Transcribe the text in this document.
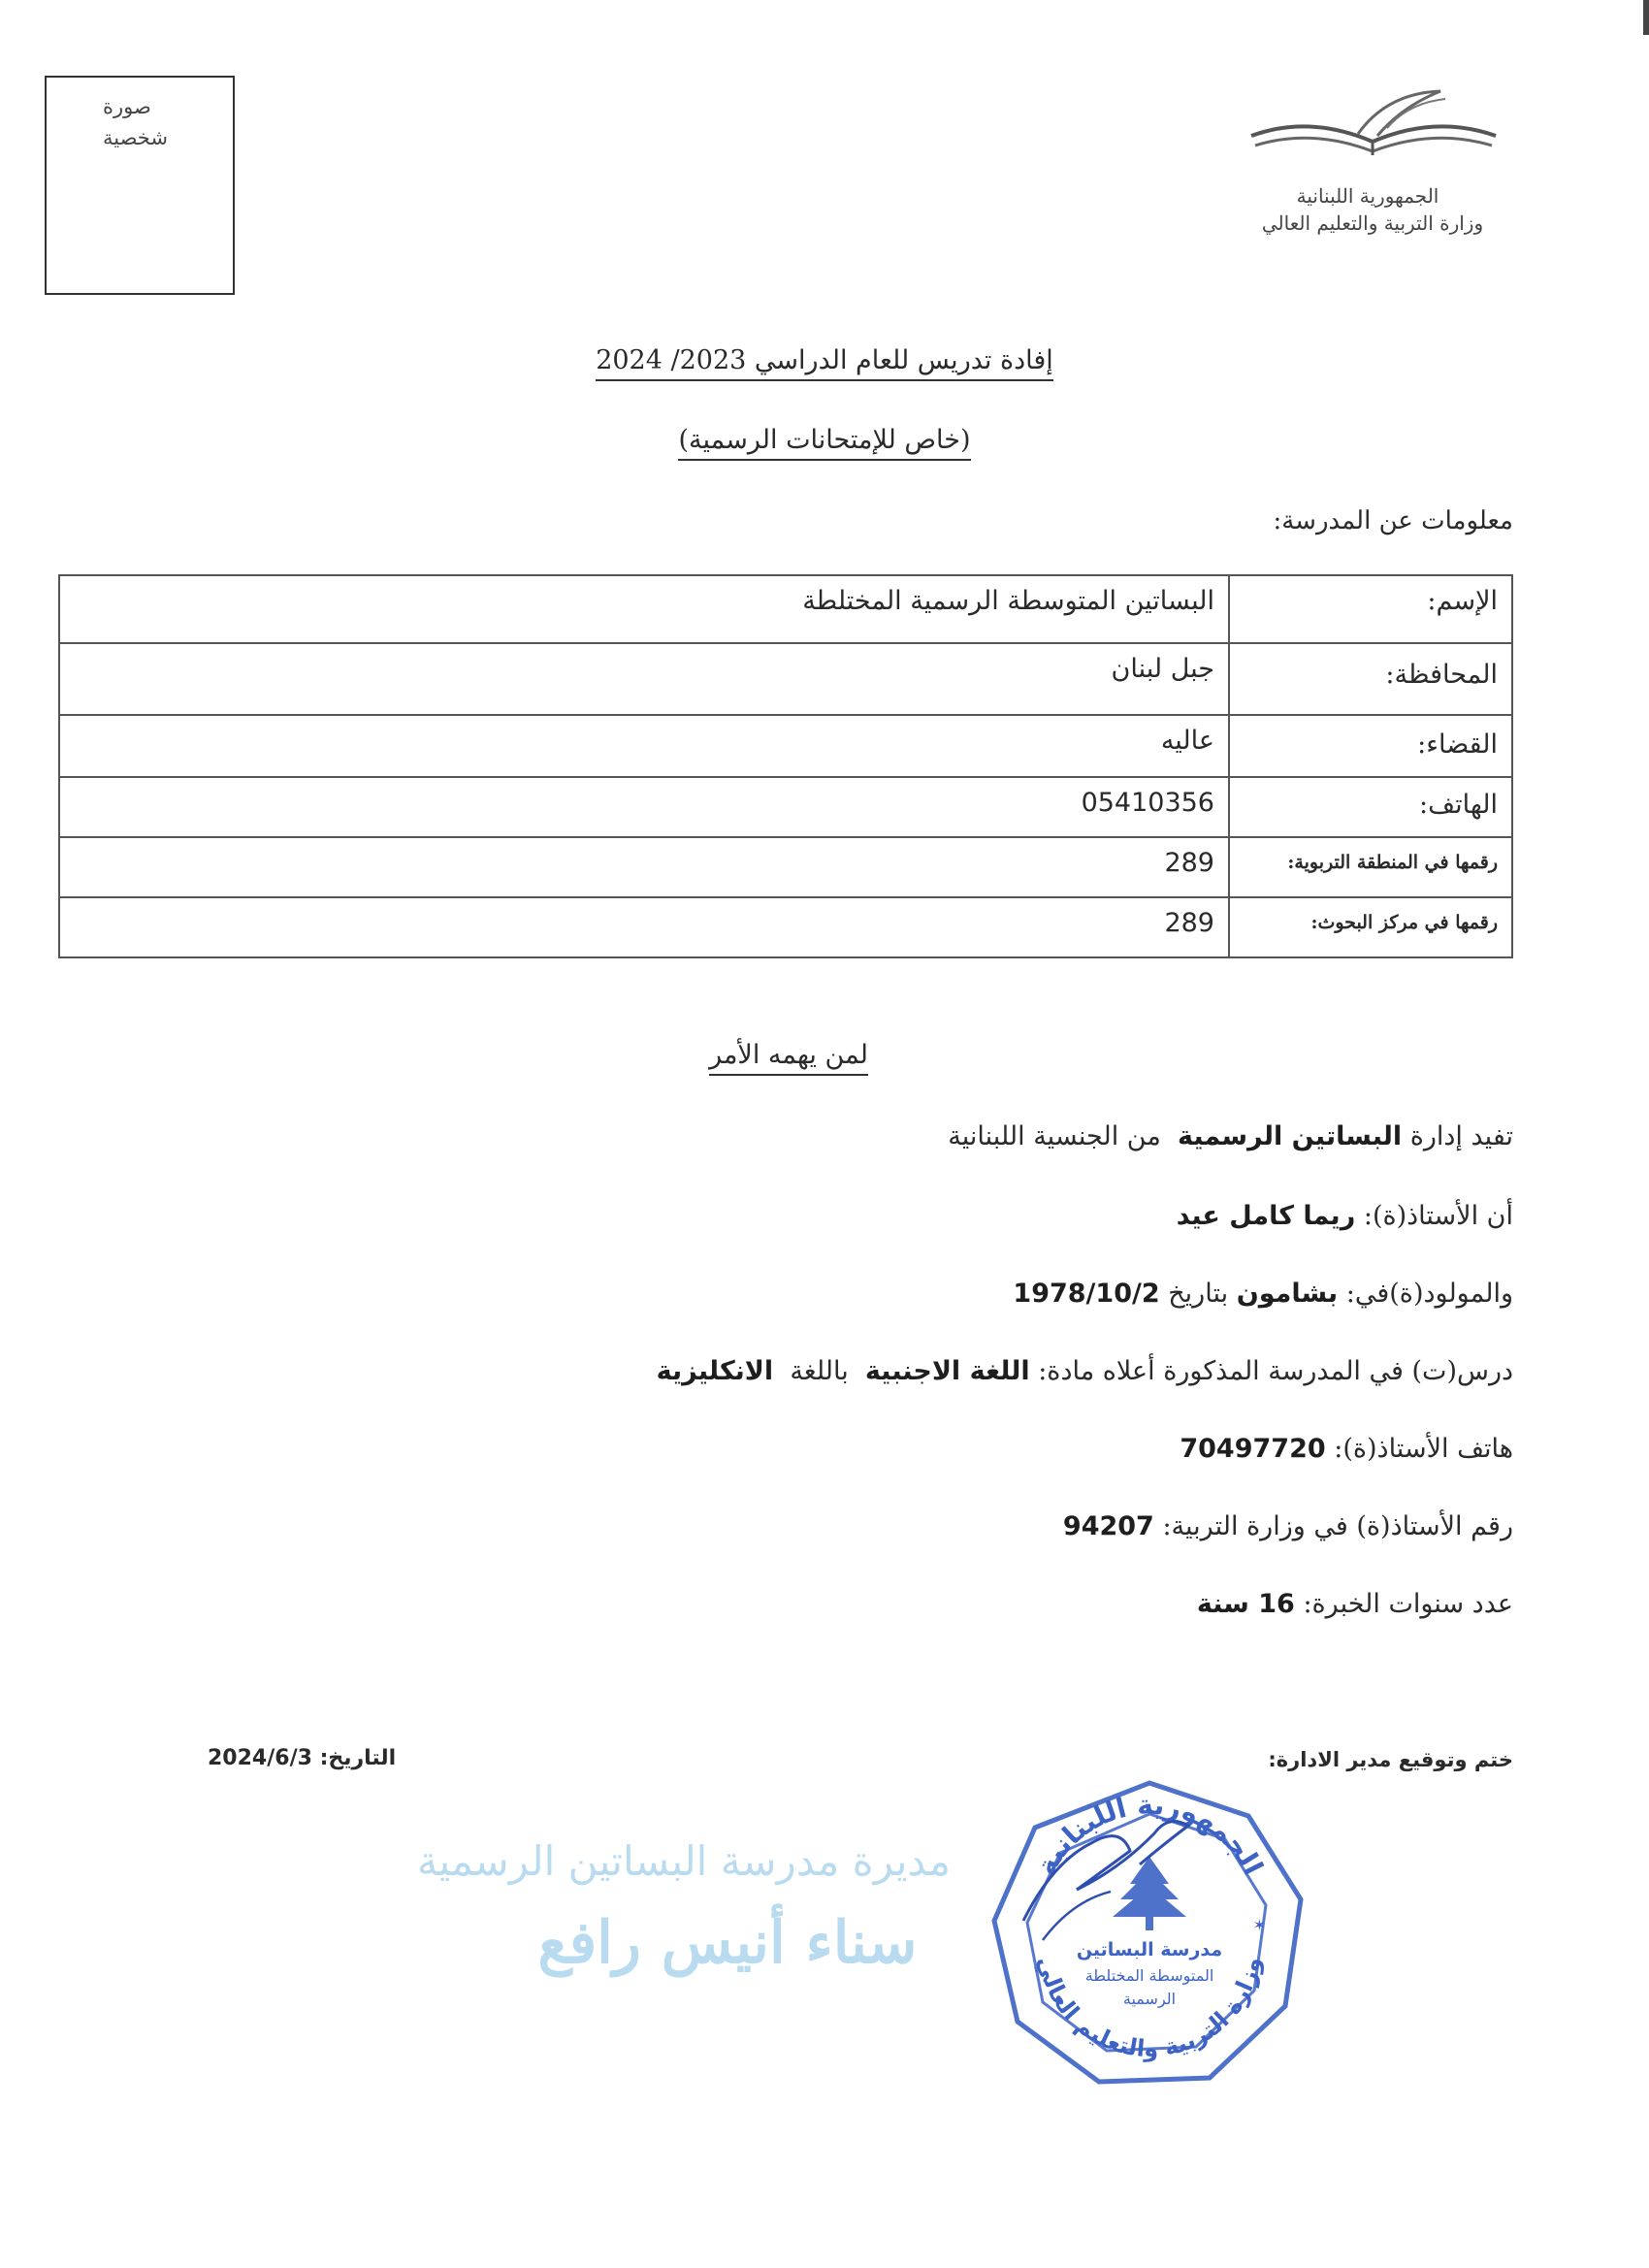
صورة
شخصية
الجمهورية اللبنانية
وزارة التربية والتعليم العالي
إفادة تدريس للعام الدراسي 2023/ 2024
(خاص للإمتحانات الرسمية)
معلومات عن المدرسة:
الإسم:	البساتين المتوسطة الرسمية المختلطة
المحافظة:	جبل لبنان
القضاء:	عاليه
الهاتف:	05410356
رقمها في المنطقة التربوية:	289
رقمها في مركز البحوث:	289
لمن يهمه الأمر
تفيد إدارة البساتين الرسمية  من الجنسية اللبنانية
أن الأستاذ(ة): ريما كامل عيد
والمولود(ة)في: بشامون بتاريخ 1978/10/2
درس(ت) في المدرسة المذكورة أعلاه مادة: اللغة الاجنبية  باللغة  الانكليزية
هاتف الأستاذ(ة): 70497720
رقم الأستاذ(ة) في وزارة التربية: 94207
عدد سنوات الخبرة: 16 سنة
ختم وتوقيع مدير الادارة:
التاريخ: 2024/6/3
مديرة مدرسة البساتين الرسمية
سناء أنيس رافع
الجمهورية اللبنانية
وزارة التربية والتعليم العالي
مدرسة البساتين
المتوسطة المختلطة
الرسمية
✶
